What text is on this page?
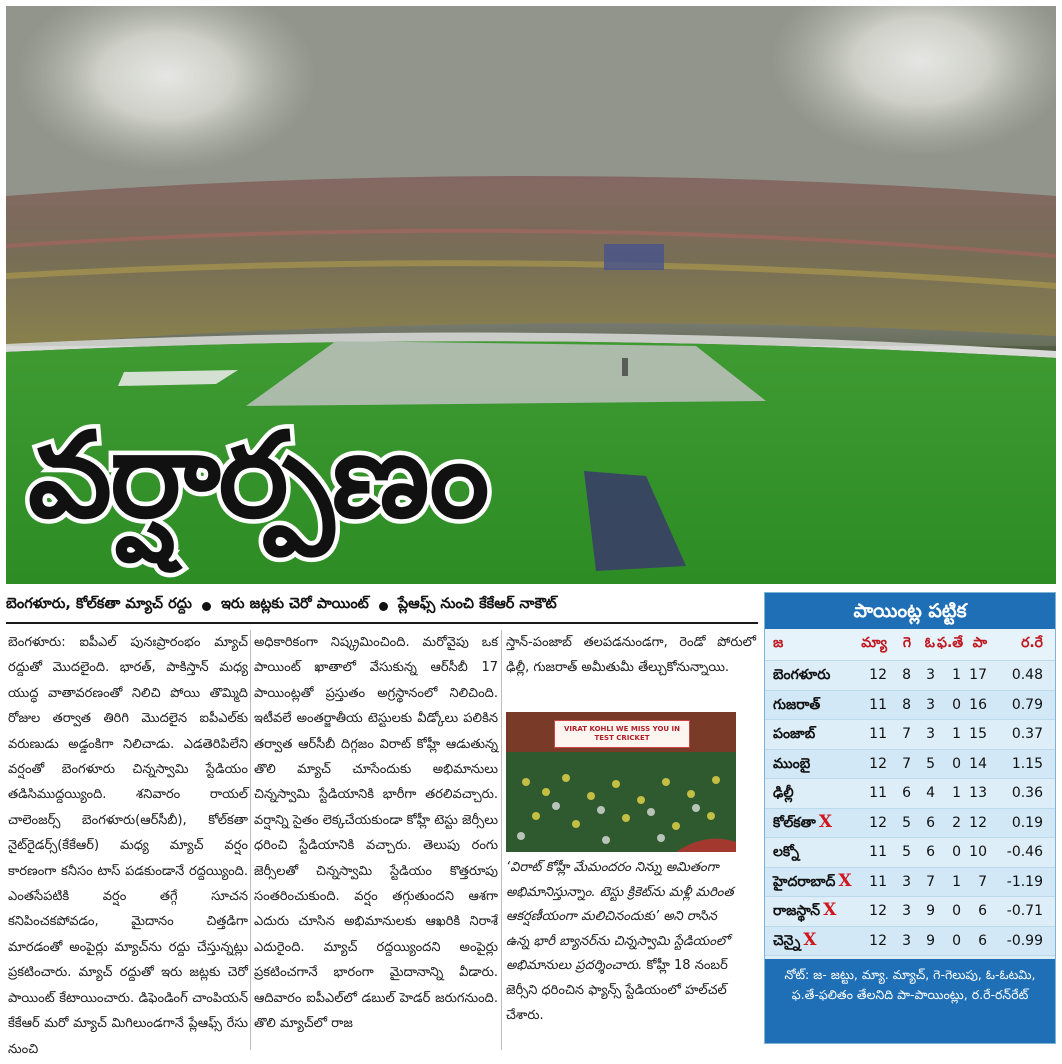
వర్షార్పణం
బెంగళూరు, కోల్‌కతా మ్యాచ్ రద్దు ఇరు జట్లకు చెరో పాయింట్ ప్లేఆఫ్స్ నుంచి కేకేఆర్ నాకౌట్

బెంగళూరు: ఐపీఎల్ పునఃప్రారంభం మ్యాచ్ రద్దుతో మొదలైంది. భారత్, పాకిస్తాన్ మధ్య యుద్ధ వాతావరణంతో నిలిచి పోయి తొమ్మిది రోజుల తర్వాత తిరిగి మొదలైన ఐపీఎల్‌కు వరుణుడు అడ్డంకిగా నిలిచాడు. ఎడతెరిపిలేని వర్షంతో బెంగళూరు చిన్నస్వామి స్టేడియం తడిసిముద్దయ్యింది. శనివారం రాయల్ చాలెంజర్స్ బెంగళూరు(ఆర్‌సీబీ), కోల్‌కతా నైట్‌రైడర్స్(కేకేఆర్) మధ్య మ్యాచ్ వర్షం కారణంగా కనీసం టాస్ పడకుండానే రద్దయ్యింది. ఎంతసేపటికి వర్షం తగ్గే సూచన కనిపించకపోవడం, మైదానం చిత్తడిగా మారడంతో అంపైర్లు మ్యాచ్‌ను రద్దు చేస్తున్నట్లు ప్రకటించారు. మ్యాచ్ రద్దుతో ఇరు జట్లకు చెరో పాయింట్ కేటాయించారు. డిఫెండింగ్ చాంపియన్ కేకేఆర్ మరో మ్యాచ్ మిగిలుండగానే ప్లేఆఫ్స్ రేసు నుంచి

అధికారికంగా నిష్క్రమించింది. మరోవైపు ఒక పాయింట్ ఖాతాలో వేసుకున్న ఆర్‌సీబీ 17 పాయింట్లతో ప్రస్తుతం అగ్రస్థానంలో నిలిచింది. ఇటీవలే అంతర్జాతీయ టెస్టులకు వీడ్కోలు పలికిన తర్వాత ఆర్‌సీబీ దిగ్గజం విరాట్ కోహ్లీ ఆడుతున్న తొలి మ్యాచ్ చూసేందుకు అభిమానులు చిన్నస్వామి స్టేడియానికి భారీగా తరలివచ్చారు. వర్షాన్ని సైతం లెక్కచేయకుండా కోహ్లీ టెస్టు జెర్సీలు ధరించి స్టేడియానికి వచ్చారు. తెలుపు రంగు జెర్సీలతో చిన్నస్వామి స్టేడియం కొత్తరూపు సంతరించుకుంది. వర్షం తగ్గుతుందని ఆశగా ఎదురు చూసిన అభిమానులకు ఆఖరికి నిరాశే ఎదురైంది. మ్యాచ్ రద్దయ్యిందని అంపైర్లు ప్రకటించగానే భారంగా మైదానాన్ని వీడారు. ఆదివారం ఐపీఎల్‌లో డబుల్ హెడర్ జరుగనుంది. తొలి మ్యాచ్‌లో రాజ

స్తాన్-పంజాబ్ తలపడనుండగా, రెండో పోరులో ఢిల్లీ, గుజరాత్ అమీతుమీ తేల్చుకోనున్నాయి.

VIRAT KOHLI WE MISS YOU IN TEST CRICKET
‘విరాట్ కోహ్లీ మేమందరం నిన్ను అమితంగా అభిమానిస్తున్నాం. టెస్టు క్రికెట్‌ను మళ్లీ మరింత ఆకర్షణీయంగా మలిచినందుకు’ అని రాసిన ఉన్న భారీ బ్యానర్‌ను చిన్నస్వామి స్టేడియంలో అభిమానులు ప్రదర్శించారు. కోహ్లీ 18 నంబర్ జెర్సీని ధరించిన ఫ్యాన్స్ స్టేడియంలో హల్‌చల్ చేశారు.
పాయింట్ల పట్టిక
జ	మ్యా	గె ఓ ఫ.తే పా	ర.రే
బెంగళూరు	12	8	3	1 17	0.48
గుజరాత్	11	8	3	0 16	0.79
పంజాబ్	11	7	3	1 15	0.37
ముంబై	12	7	5	0 14	1.15
ఢిల్లీ	11	6	4	1 13	0.36
కోల్‌కతా X	12	5	6	2 12	0.19
లక్నో	11	5	6	0 10	-0.46
హైదరాబాద్ X	11	3	7	1	7	-1.19
రాజస్థాన్ X	12	3	9	0	6	-0.71
చెన్నై X	12	3	9	0	6	-0.99
నోట్: జ- జట్టు, మ్యా. మ్యాచ్, గె-గెలుపు, ఓ-ఓటమి, ఫ.తే-ఫలితం తేలనిది పా-పాయింట్లు, ర.రే-రన్‌రేట్
